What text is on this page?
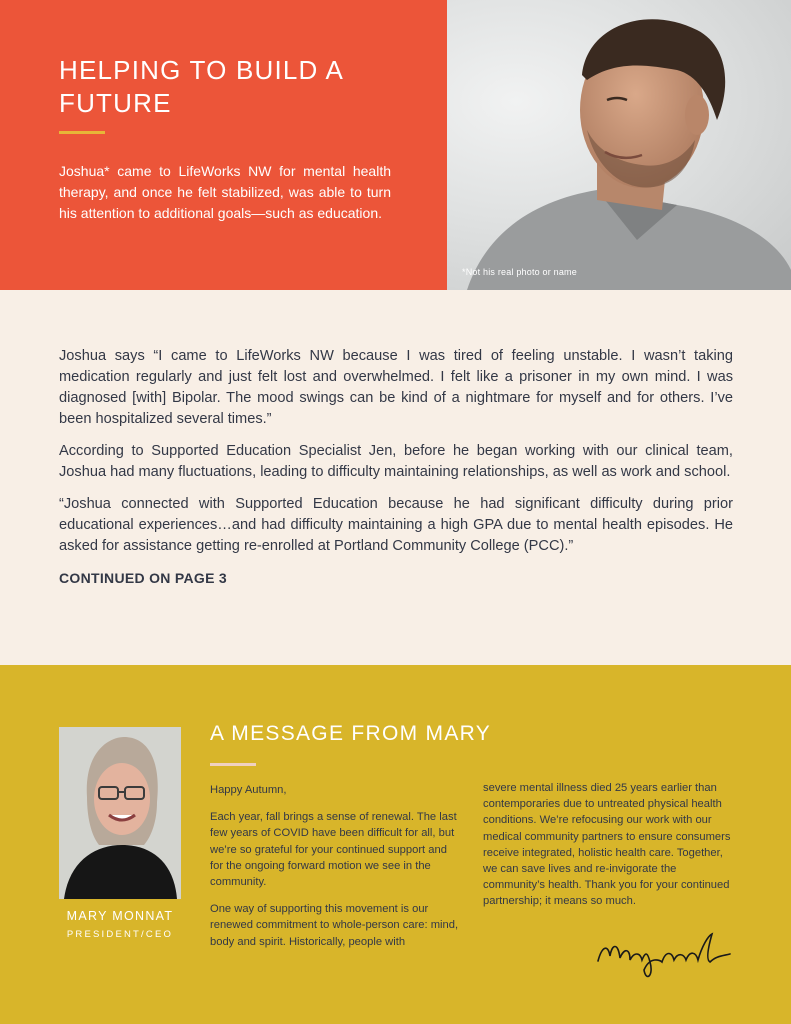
HELPING TO BUILD A FUTURE

Joshua* came to LifeWorks NW for mental health therapy, and once he felt stabilized, was able to turn his attention to additional goals—such as education.

*Not his real photo or name

Joshua says “I came to LifeWorks NW because I was tired of feeling unstable. I wasn’t taking medication regularly and just felt lost and overwhelmed. I felt like a prisoner in my own mind. I was diagnosed [with] Bipolar. The mood swings can be kind of a nightmare for myself and for others. I’ve been hospitalized several times.”

According to Supported Education Specialist Jen, before he began working with our clinical team, Joshua had many fluctuations, leading to difficulty maintaining relationships, as well as work and school.

“Joshua connected with Supported Education because he had significant difficulty during prior educational experiences…and had difficulty maintaining a high GPA due to mental health episodes. He asked for assistance getting re-enrolled at Portland Community College (PCC).”

CONTINUED ON PAGE 3
MARY MONNAT
PRESIDENT/CEO
A MESSAGE FROM MARY

Happy Autumn,

Each year, fall brings a sense of renewal. The last few years of COVID have been difficult for all, but we’re so grateful for your continued support and for the ongoing forward motion we see in the community.

One way of supporting this movement is our renewed commitment to whole-person care: mind, body and spirit. Historically, people with

severe mental illness died 25 years earlier than contemporaries due to untreated physical health conditions. We’re refocusing our work with our medical community partners to ensure consumers receive integrated, holistic health care. Together, we can save lives and re-invigorate the community’s health. Thank you for your continued partnership; it means so much.
